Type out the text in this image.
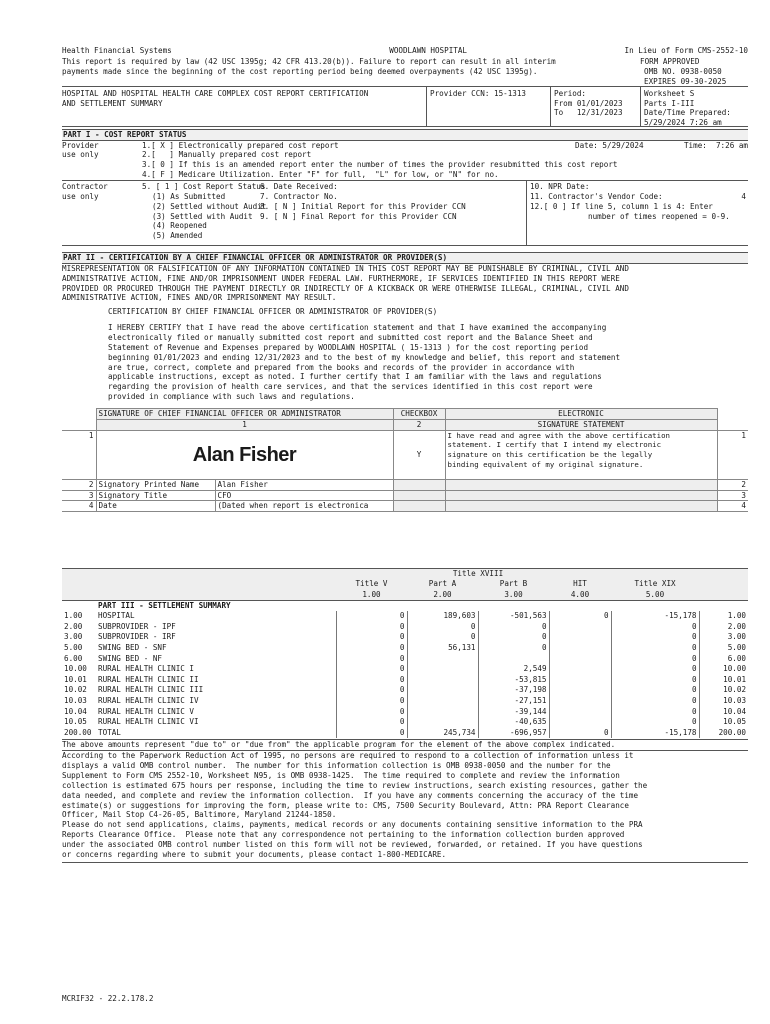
Health Financial Systems	WOODLAWN HOSPITAL	In Lieu of Form CMS-2552-10
This report is required by law (42 USC 1395g; 42 CFR 413.20(b)). Failure to report can result in all interim
payments made since the beginning of the cost reporting period being deemed overpayments (42 USC 1395g).
FORM APPROVED
OMB NO. 0938-0050
EXPIRES 09-30-2025
HOSPITAL AND HOSPITAL HEALTH CARE COMPLEX COST REPORT CERTIFICATION
AND SETTLEMENT SUMMARY
Provider CCN: 15-1313	Period:
From 01/01/2023
To   12/31/2023
Worksheet S
Parts I-III
Date/Time Prepared:
5/29/2024 7:26 am
PART I - COST REPORT STATUS
Provider
use only
1.[ X ] Electronically prepared cost report	Date: 5/29/2024	Time:  7:26 am
2.[   ] Manually prepared cost report
3.[ 0 ] If this is an amended report enter the number of times the provider resubmitted this cost report
4.[ F ] Medicare Utilization. Enter "F" for full,  "L" for low, or "N" for no.
Contractor
use only
5. [ 1 ] Cost Report Status
(1) As Submitted
(2) Settled without Audit
(3) Settled with Audit
(4) Reopened
(5) Amended
6. Date Received:
7. Contractor No.
8. [ N ] Initial Report for this Provider CCN
9. [ N ] Final Report for this Provider CCN
10. NPR Date:
11. Contractor's Vendor Code:	4
12.[ 0 ] If line 5, column 1 is 4: Enter
number of times reopened = 0-9.
PART II - CERTIFICATION BY A CHIEF FINANCIAL OFFICER OR ADMINISTRATOR OR PROVIDER(S)
MISREPRESENTATION OR FALSIFICATION OF ANY INFORMATION CONTAINED IN THIS COST REPORT MAY BE PUNISHABLE BY CRIMINAL, CIVIL AND
ADMINISTRATIVE ACTION, FINE AND/OR IMPRISONMENT UNDER FEDERAL LAW. FURTHERMORE, IF SERVICES IDENTIFIED IN THIS REPORT WERE
PROVIDED OR PROCURED THROUGH THE PAYMENT DIRECTLY OR INDIRECTLY OF A KICKBACK OR WERE OTHERWISE ILLEGAL, CRIMINAL, CIVIL AND
ADMINISTRATIVE ACTION, FINES AND/OR IMPRISONMENT MAY RESULT.
CERTIFICATION BY CHIEF FINANCIAL OFFICER OR ADMINISTRATOR OF PROVIDER(S)
I HEREBY CERTIFY that I have read the above certification statement and that I have examined the accompanying
electronically filed or manually submitted cost report and submitted cost report and the Balance Sheet and
Statement of Revenue and Expenses prepared by WOODLAWN HOSPITAL ( 15-1313 ) for the cost reporting period
beginning 01/01/2023 and ending 12/31/2023 and to the best of my knowledge and belief, this report and statement
are true, correct, complete and prepared from the books and records of the provider in accordance with
applicable instructions, except as noted. I further certify that I am familiar with the laws and regulations
regarding the provision of health care services, and that the services identified in this cost report were
provided in compliance with such laws and regulations.
	SIGNATURE OF CHIEF FINANCIAL OFFICER OR ADMINISTRATOR		CHECKBOX	ELECTRONIC	
	1		2	SIGNATURE STATEMENT	
1	Alan Fisher		Y	I have read and agree with the above certification
statement. I certify that I intend my electronic
signature on this certification be the legally
binding equivalent of my original signature.	1
2	Signatory Printed Name	Alan Fisher			2
3	Signatory Title	CFO			3
4	Date	(Dated when report is electronica			4
			Title XVIII				
		Title V	Part A	Part B	HIT	Title XIX	
		1.00	2.00	3.00	4.00	5.00	
	PART III - SETTLEMENT SUMMARY						
1.00	HOSPITAL	0	189,603	-501,563	0	-15,178	1.00
2.00	SUBPROVIDER - IPF	0	0	0		0	2.00
3.00	SUBPROVIDER - IRF	0	0	0		0	3.00
5.00	SWING BED - SNF	0	56,131	0		0	5.00
6.00	SWING BED - NF	0				0	6.00
10.00	RURAL HEALTH CLINIC I	0		2,549		0	10.00
10.01	RURAL HEALTH CLINIC II	0		-53,815		0	10.01
10.02	RURAL HEALTH CLINIC III	0		-37,198		0	10.02
10.03	RURAL HEALTH CLINIC IV	0		-27,151		0	10.03
10.04	RURAL HEALTH CLINIC V	0		-39,144		0	10.04
10.05	RURAL HEALTH CLINIC VI	0		-40,635		0	10.05
200.00	TOTAL	0	245,734	-696,957	0	-15,178	200.00
The above amounts represent "due to" or "due from" the applicable program for the element of the above complex indicated.
According to the Paperwork Reduction Act of 1995, no persons are required to respond to a collection of information unless it
displays a valid OMB control number.  The number for this information collection is OMB 0938-0050 and the number for the
Supplement to Form CMS 2552-10, Worksheet N95, is OMB 0938-1425.  The time required to complete and review the information
collection is estimated 675 hours per response, including the time to review instructions, search existing resources, gather the
data needed, and complete and review the information collection.  If you have any comments concerning the accuracy of the time
estimate(s) or suggestions for improving the form, please write to: CMS, 7500 Security Boulevard, Attn: PRA Report Clearance
Officer, Mail Stop C4-26-05, Baltimore, Maryland 21244-1850.
Please do not send applications, claims, payments, medical records or any documents containing sensitive information to the PRA
Reports Clearance Office.  Please note that any correspondence not pertaining to the information collection burden approved
under the associated OMB control number listed on this form will not be reviewed, forwarded, or retained. If you have questions
or concerns regarding where to submit your documents, please contact 1-800-MEDICARE.
MCRIF32 - 22.2.178.2
